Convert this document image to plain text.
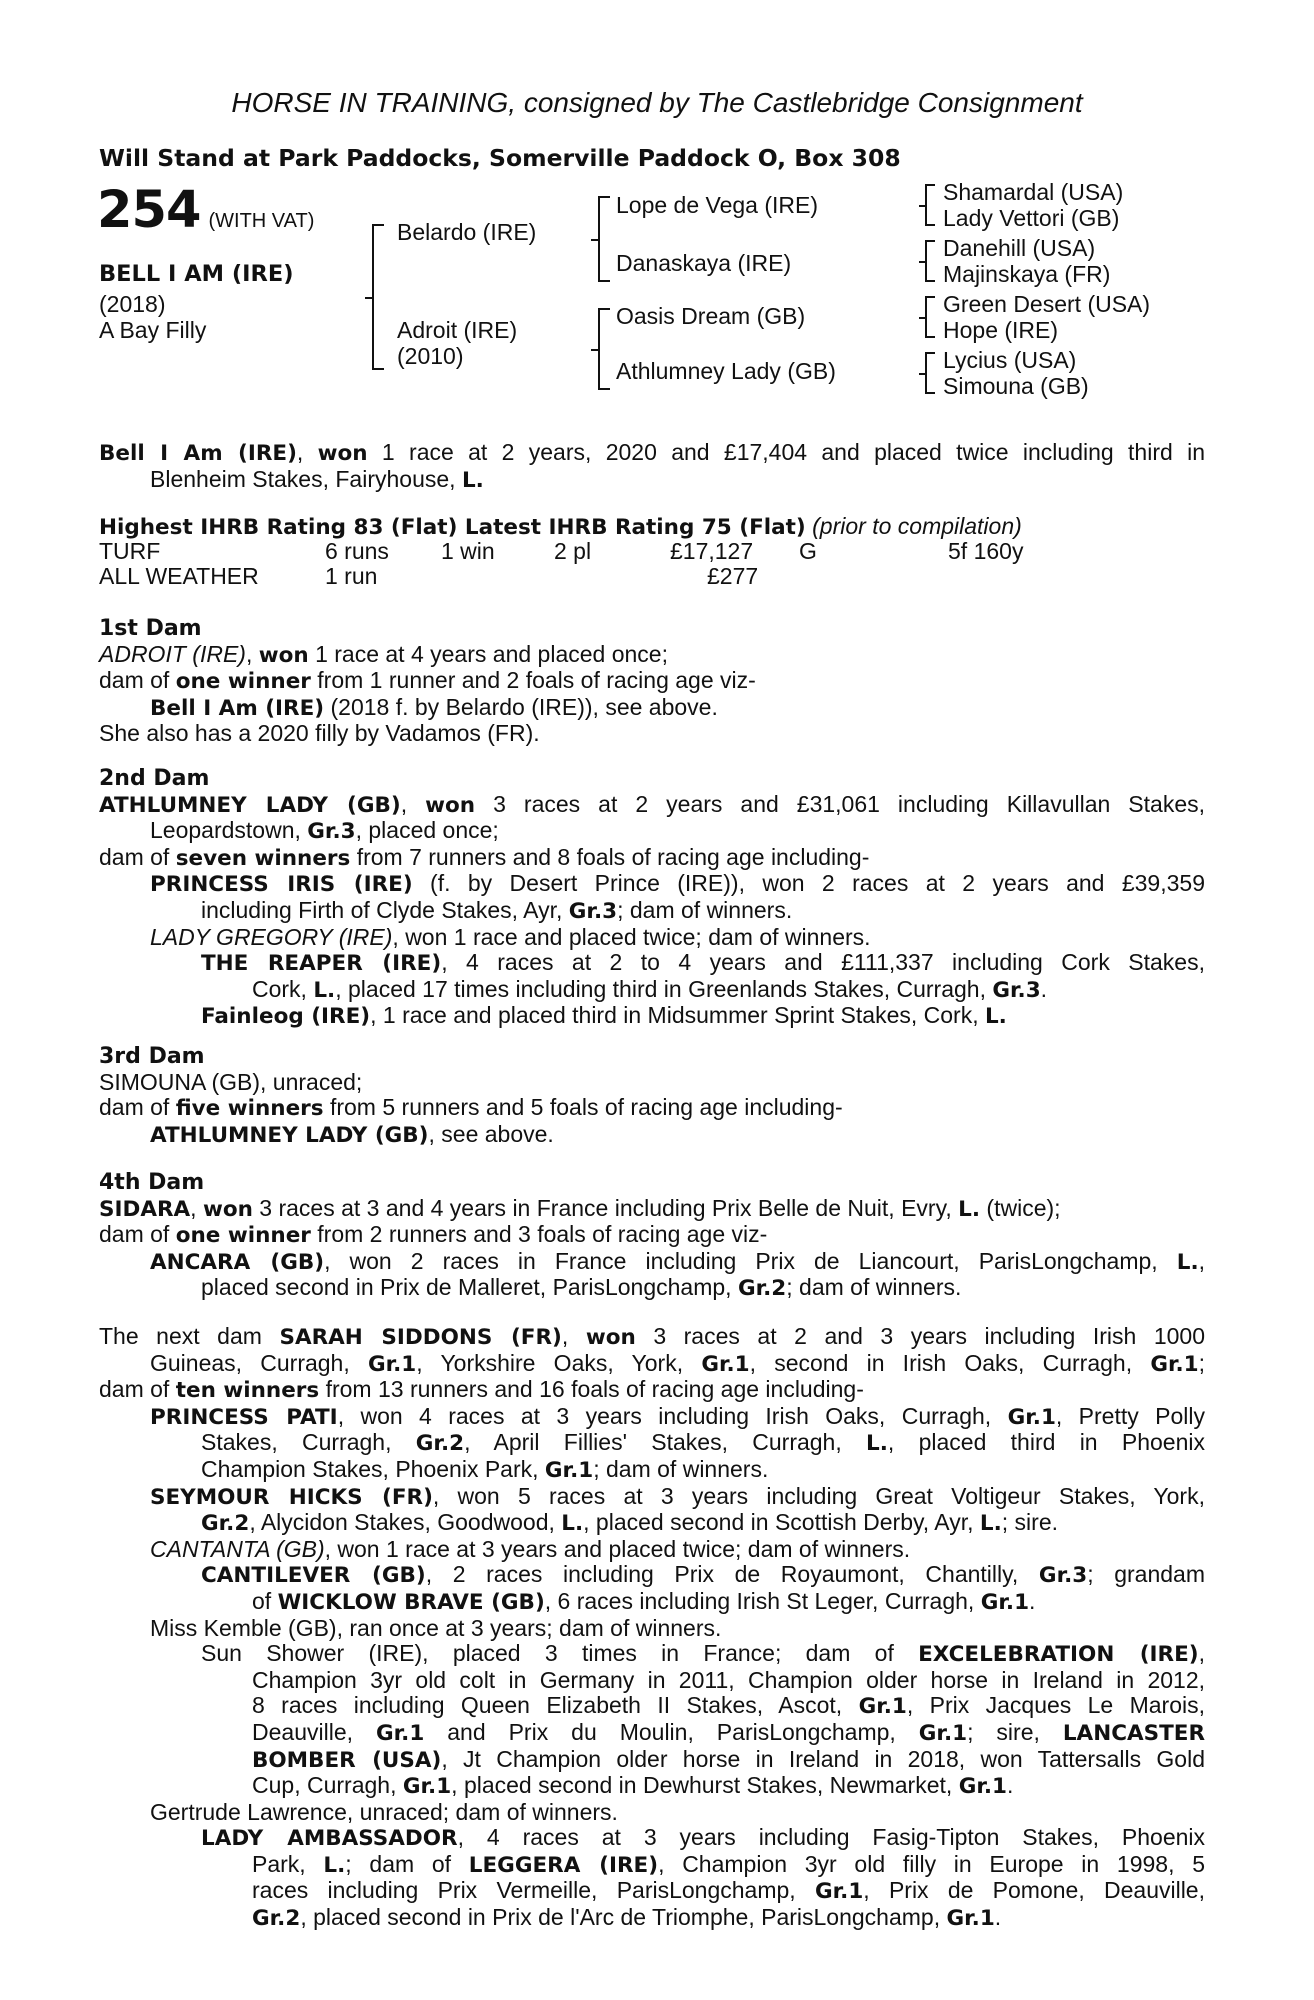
HORSE IN TRAINING, consigned by The Castlebridge Consignment
Will Stand at Park Paddocks, Somerville Paddock O, Box 308
254 (WITH VAT)
BELL I AM (IRE)
(2018)
A Bay Filly
Belardo (IRE)
Adroit (IRE)
(2010)
Lope de Vega (IRE)
Danaskaya (IRE)
Oasis Dream (GB)
Athlumney Lady (GB)
Shamardal (USA)
Lady Vettori (GB)
Danehill (USA)
Majinskaya (FR)
Green Desert (USA)
Hope (IRE)
Lycius (USA)
Simouna (GB)
Bell I Am (IRE), won 1 race at 2 years, 2020 and £17,404 and placed twice including third in
Blenheim Stakes, Fairyhouse, L.
Highest IHRB Rating 83 (Flat) Latest IHRB Rating 75 (Flat) (prior to compilation)
TURF	6 runs 1 win	2 pl	£17,127 G	5f 160y
ALL WEATHER	1 run	£277
1st Dam
ADROIT (IRE), won 1 race at 4 years and placed once;
dam of one winner from 1 runner and 2 foals of racing age viz-
Bell I Am (IRE) (2018 f. by Belardo (IRE)), see above.
She also has a 2020 filly by Vadamos (FR).
2nd Dam
ATHLUMNEY LADY (GB), won 3 races at 2 years and £31,061 including Killavullan Stakes,
Leopardstown, Gr.3, placed once;
dam of seven winners from 7 runners and 8 foals of racing age including-
PRINCESS IRIS (IRE) (f. by Desert Prince (IRE)), won 2 races at 2 years and £39,359
including Firth of Clyde Stakes, Ayr, Gr.3; dam of winners.
LADY GREGORY (IRE), won 1 race and placed twice; dam of winners.
THE REAPER (IRE), 4 races at 2 to 4 years and £111,337 including Cork Stakes,
Cork, L., placed 17 times including third in Greenlands Stakes, Curragh, Gr.3.
Fainleog (IRE), 1 race and placed third in Midsummer Sprint Stakes, Cork, L.
3rd Dam
SIMOUNA (GB), unraced;
dam of five winners from 5 runners and 5 foals of racing age including-
ATHLUMNEY LADY (GB), see above.
4th Dam
SIDARA, won 3 races at 3 and 4 years in France including Prix Belle de Nuit, Evry, L. (twice);
dam of one winner from 2 runners and 3 foals of racing age viz-
ANCARA (GB), won 2 races in France including Prix de Liancourt, ParisLongchamp, L.,
placed second in Prix de Malleret, ParisLongchamp, Gr.2; dam of winners.
The next dam SARAH SIDDONS (FR), won 3 races at 2 and 3 years including Irish 1000
Guineas, Curragh, Gr.1, Yorkshire Oaks, York, Gr.1, second in Irish Oaks, Curragh, Gr.1;
dam of ten winners from 13 runners and 16 foals of racing age including-
PRINCESS PATI, won 4 races at 3 years including Irish Oaks, Curragh, Gr.1, Pretty Polly
Stakes, Curragh, Gr.2, April Fillies' Stakes, Curragh, L., placed third in Phoenix
Champion Stakes, Phoenix Park, Gr.1; dam of winners.
SEYMOUR HICKS (FR), won 5 races at 3 years including Great Voltigeur Stakes, York,
Gr.2, Alycidon Stakes, Goodwood, L., placed second in Scottish Derby, Ayr, L.; sire.
CANTANTA (GB), won 1 race at 3 years and placed twice; dam of winners.
CANTILEVER (GB), 2 races including Prix de Royaumont, Chantilly, Gr.3; grandam
of WICKLOW BRAVE (GB), 6 races including Irish St Leger, Curragh, Gr.1.
Miss Kemble (GB), ran once at 3 years; dam of winners.
Sun Shower (IRE), placed 3 times in France; dam of EXCELEBRATION (IRE),
Champion 3yr old colt in Germany in 2011, Champion older horse in Ireland in 2012,
8 races including Queen Elizabeth II Stakes, Ascot, Gr.1, Prix Jacques Le Marois,
Deauville, Gr.1 and Prix du Moulin, ParisLongchamp, Gr.1; sire, LANCASTER
BOMBER (USA), Jt Champion older horse in Ireland in 2018, won Tattersalls Gold
Cup, Curragh, Gr.1, placed second in Dewhurst Stakes, Newmarket, Gr.1.
Gertrude Lawrence, unraced; dam of winners.
LADY AMBASSADOR, 4 races at 3 years including Fasig-Tipton Stakes, Phoenix
Park, L.; dam of LEGGERA (IRE), Champion 3yr old filly in Europe in 1998, 5
races including Prix Vermeille, ParisLongchamp, Gr.1, Prix de Pomone, Deauville,
Gr.2, placed second in Prix de l'Arc de Triomphe, ParisLongchamp, Gr.1.
